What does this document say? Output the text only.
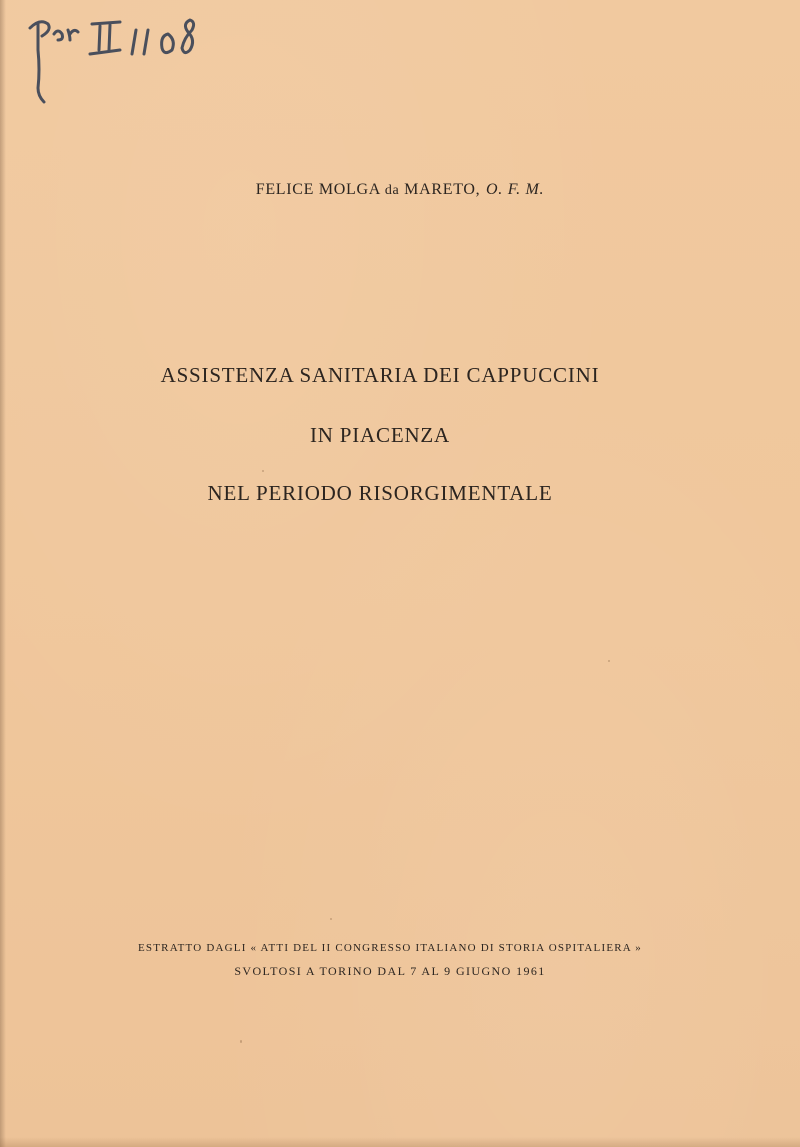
FELICE MOLGA da MARETO, O. F. M.
ASSISTENZA SANITARIA DEI CAPPUCCINI
IN PIACENZA
NEL PERIODO RISORGIMENTALE
ESTRATTO DAGLI « ATTI DEL II CONGRESSO ITALIANO DI STORIA OSPITALIERA »
SVOLTOSI A TORINO DAL 7 AL 9 GIUGNO 1961
